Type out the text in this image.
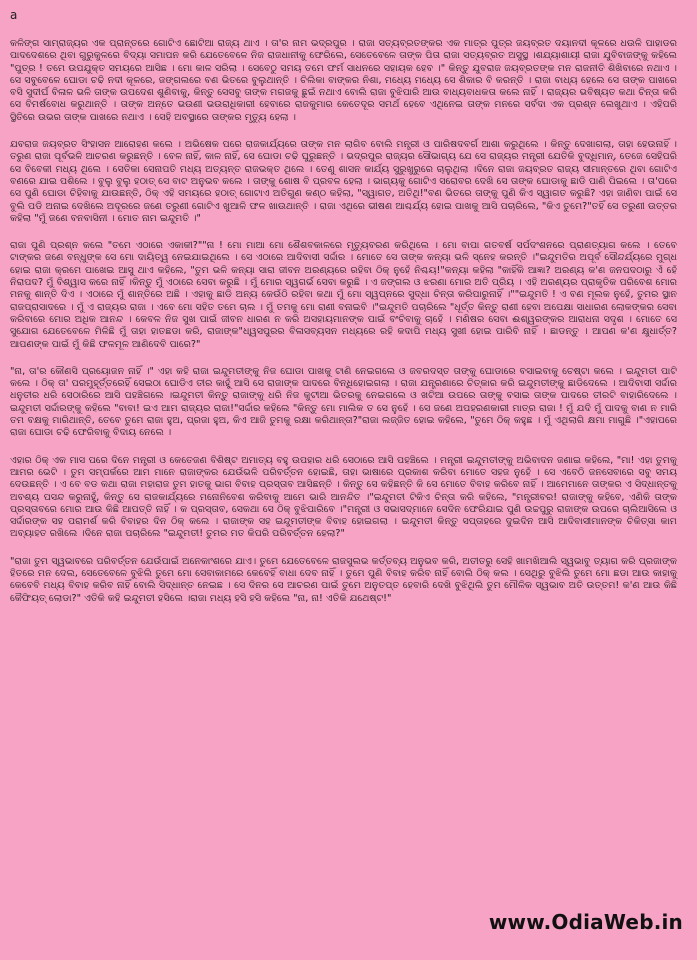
a

କଳିଙ୍ଗ ସାମ୍ରାଜ୍ୟର ଏକ ପ୍ରାନ୍ତରେ ଗୋଟିଏ ଛୋଟିଆ ରାଜ୍ୟ ଥାଏ । ତା'ର ନାମ ଭଦ୍ରପୁର । ରାଜା ସତ୍ୟବ୍ରତଙ୍କର ଏକ ମାତ୍ର ପୁତ୍ର ଜୟବ୍ରତ ଦୟାନଦୀ କୂଳରେ ଧଉଳି ପାହାଡର ପାଦଦେଶରେ ଥିବା ଗୁରୁକୁଳରେ ବିଦ୍ୟା ସମାପନ କରି ଯେତେବେଳେ ନିଜ ରାଜଧାନୀକୁ ଫେରିଲେ, ସେତେବେଳେ ତାଙ୍କ ପିତା ରାଜା ସତ୍ୟବ୍ରତ ଅସୁସ୍ଥ ।ଶଯ୍ୟାଶାୟୀ ରାଜା ଯୁବିବାଜଙ୍କୁ କହିଲେ "ପୁତ୍ର ! ତମେ ଉପଯୁକ୍ତ ସମୟରେ ଆସିଛ । ମୋ କାଳ ସରିଲା । ସେବେଠୁ ସମୟ ତମେ ଫର୍ମ ସାଧନରେ ସହାୟକ ହେବ ।" କିନ୍ତୁ ଯୁବରାଜ ଜୟବ୍ରତଙ୍କ ମନ ରାଜନୀତି ଶିଖିବାରେ ନଥାଏ । ସେ ସବୁବେଳେ ଘୋଡା ଚଢି ନଦୀ କୂଳରେ, ଜଙ୍ଗଲରେ ବଣ ଭିତରେ ବୁଲୁଥାନ୍ତି । ଚିଲିକା ବାଙ୍କର ନିଶା, ମଧ୍ୟେ ମଧ୍ୟେ ସେ ଶିକାର ବି କରନ୍ତି । ରାଜା ବାଧ୍ୟ ହେଲେ ସେ ତାଙ୍କ ପାଖରେ ବସି ସୁଦୀର୍ଘ ବିଳାଳ ଭଳି ତାଙ୍କ ଉପଦେଶ ଶୁଣିବାକୁ, କିନ୍ତୁ ସେସବୁ ତାଙ୍କ ମଗଜକୁ ଛୁଇଁ ନଥାଏ ବୋଲି ରାଜା ବୁଝିପାରି ଆଉ ବାଧ୍ୟବାଧକତା କଲେ ନାହିଁ । ରାଜ୍ୟର ଭବିଷ୍ୟତ କଥା ଚିନ୍ତା କରି ସେ ବିମର୍ଷବୋଧ କରୁଥାନ୍ତି । ତାଙ୍କ ଅନ୍ତେ ଭଉଣୀ ଭଉରାଧିକାରୀ ହେବାରେ ରାଜକୁମାର କେତେଦୂର ସମର୍ଥ ହେବେ ଏଥିନେଇ ତାଙ୍କ ମନରେ ସର୍ବଦା ଏକ ପ୍ରଶ୍ନ ଲେଖୁଥାଏ । ଏହିପରି ସ୍ଥିତିରେ ଉଭର ତାଙ୍କ ପାଖରେ ନଥାଏ । ସେହି ଅବସ୍ଥାରେ ତାଙ୍କର ମୃତ୍ୟୁ ହେଲା ।

ଯବରାଜ ଜୟବ୍ରତ ସିଂହାସନ ଆରୋହଣ କଲେ । ଅଭିଷେକ ପରେ ରାଜକାର୍ଯ୍ୟରେ ତାଙ୍କ ମନ ଲାଗିବ ବୋଲି ମନ୍ତ୍ରୀ ଓ ପାରିଷଦବର୍ଗ ଆଶା କରୁଥିଲେ । କିନ୍ତୁ ଦେଖାଗଲା, ତାହା ହେଉନାହିଁ । ତରୁଣ ରାଜା ପୂର୍ବଭଳି ଆଚରଣ କରୁଛନ୍ତି । ବେଳ ନାହିଁ, କାଳ ନାହିଁ, ସେ ଘୋଡା ଚଢି ଘୁରୁଛନ୍ତି । ଭଦ୍ରପୁର ରାଜ୍ୟର ସୌଭାଗ୍ୟ ଯେ ସେ ରାଜ୍ୟର ମନ୍ତ୍ରୀ ଯେତିକି ବୁଦ୍ଧିମାନ୍, ତେଜେ ସେହିପରି ସେ ବିବେକୀ ମଧ୍ୟ ଥିଲେ । ସେତିକା ସେନାପତି ମଧ୍ୟ ଅତ୍ୟନ୍ତ ରାଜଭକ୍ତ ଥିଲେ । ତେଣୁ ଶାସନ କାର୍ଯ୍ୟ ସୁରୁଖୁରୁରେ ଚାଲୁଥିଲା ।ଦିନେ ରାଜା ଜୟବ୍ରତ ରାଜ୍ୟ ସୀମାନ୍ତରେ ଥିବା ଗୋଟିଏ ବଣରେ ଯାଇ ପଶିଲେ । ବୁଲୁ ବୁଲୁ ହଠାତ୍ ସେ ବାଟ ଅନୁଭବ କଲେ । ତାଙ୍କୁ ଶୋଷ ବି ପ୍ରବଳ ହେଲା । ଭାଗ୍ୟକୁ ଗୋଟିଏ ସରୋବର ଦେଖି ସେ ତାଙ୍କ ଘୋଡାକୁ ଛାଡି ପାଣି ପିଇଲେ । ତା'ପରେ ସେ ପୁଣି ଘୋଡା ଚିହିବାକୁ ଯାଉଛନ୍ତି, ଠିକ୍ ଏହି ସମୟରେ ହଠାତ୍ ଗୋଟାଏ ଅତିଗୁଣ କଣ୍ଠ କହିଲା, "ସ୍ୱାଗତ, ଅତିଥି!"ବଣ ଭିତରେ ତାଙ୍କୁ ପୁଣି କିଏ ସ୍ୱାଗତ କରୁଛି? ଏହା ଜାଣିବା ପାଇଁ ସେ ବୁଲି ପଡି ଅନାଇ ଦେଖିଲେ ଅଦୂରରେ ଜଣେ ତରୁଣୀ ଗୋଟିଏ ଖୁଆଳି ଫଳ ଖାଉଥାନ୍ତି । ରାଜା ଏଥିରେ ଭୀଷଣ ଆଶ୍ଚର୍ଯ୍ୟ ହୋଇ ପାଖକୁ ଆସି ପଚାରିଲେ, "କିଏ ତୁମେ?"ତହିଁ ସେ ତରୁଣୀ ଉତ୍ତର କହିଲା "ମୁଁ ଜଣେ ବନବାସିନୀ । ମୋତ ନାମ ଇନ୍ଦୁମତି ।"

ରାଜା ପୁଣି ପ୍ରଶ୍ନ କଲେ "ତମେ ଏଠାରେ ଏକାକୀ?""ନା ! ମୋ ମାଆ ମୋ ଶୈଶବକାଳରେ ମୃତ୍ୟୁବରଣ କରିଥିଲେ । ମୋ ବାପା ଗତବର୍ଷ ସର୍ପଦଂଶନରେ ପ୍ରାଣତ୍ୟାଗ କଲେ । ତେବେ ଟାଙ୍କର ଜଣେ ବନ୍ଧୁଙ୍କ ସେ ମୋ ଦାୟିତ୍ୱ ନେଇଯାଇଥିଲେ । ସେ ଏଠାରେ ଆଦିବାସୀ ସର୍ଦ୍ଦାର । ମୋତେ ସେ ତାଙ୍କ କନ୍ୟା ଭଳି ସ୍ନେହ କରନ୍ତି ।"ଇନ୍ଦୁମତିର ଅପୂର୍ବ ସୌନ୍ଦର୍ଯ୍ୟରେ ମୁଗ୍ଧ ହୋଇ ରାଜା କ୍ରମେ ପାଖେଇ ଆସୁ ଥାଏ କହିଲେ, "ତୁମ ଭଳି କନ୍ୟା ସାରା ଜୀବନ ଅରଣ୍ୟରେ ରହିବା ଠିକ୍ ନୁହେଁ ନିଶ୍ଚୟ!"କନ୍ୟା କହିଲା "କାହିଁକି ଆଜ୍ଞା? ଅରଣ୍ୟ କ'ଣ ଜନପଦଠାରୁ ଏଁ ହେଁ ନିରାପଦ? ମୁଁ ବିଶ୍ୱାସ କରେ ନାହିଁ ।କିନ୍ତୁ ମୁଁ ଏଠାରେ ସେବା କରୁଛି । ମୁଁ ମୋର ସ୍ୱଗର୍ଭ ସେବା କରୁଛି । ଏ ଜଙ୍ଗଲ ଓ ଝରଣା ମୋର ଅତି ପ୍ରିୟ । ଏହି ଅରଣ୍ୟର ପ୍ରାକୃତିକ ପରିବେଶ ମୋର ମନକୁ ଶାନ୍ତି ଦିଏ । ଏଠାରେ ମୁଁ ଶାନ୍ତିରେ ଅଛି । ଏହାକୁ ଛାଡି ଅନ୍ୟ କେଉଁଠି ରହିବା କଥା ମୁଁ ମୋ ସ୍ୱପ୍ନରେ ସୁଦ୍ଧା ଚିନ୍ତା କରିପାରୁନାହିଁ ।""ଇନ୍ଦୁମତି ! ଏ ବଣ ମୂଲକ ନୁହେଁ, ତୁମର ସ୍ଥାନ ରାଜପ୍ରାସାଦରେ । ମୁଁ ଏ ରାଜ୍ୟର ରାଜା । ଏବେ ମୋ ସହିତ ତମେ ଚାଲ । ମୁଁ ତମକୁ ମୋ ରାଣୀ ବନାଇବି ।"ଇନ୍ଦୁମତି ପଚାରିଲେ "ଧୂର୍ତ୍ତ କିନ୍ତୁ ରାଣୀ ହେବା ଅପେକ୍ଷା ସାଧାରଣ ଲୋକଙ୍କର ସେବା କରିବାରେ ମୋର ଅଧିକ ଆନନ୍ଦ । କେବଳ ନିଜ ସୁଖ ପାଇଁ ଜୀବନ ଧାରଣ ନ କରି ଅସହାୟମାନଙ୍କ ପାଇଁ ବଂଚିବାକୁ ଚାହେଁ । ମଣିଷର ସେବା ଈଶ୍ୱରଙ୍କର ଆରାଧନା ସଦୃଶ । ମୋତେ ସେ ସୁଯୋଗ ଯେତେବେଳେ ମିଳିଛି ମୁଁ ତାହା ହାତଛଡା କରି, ରାଜାଙ୍କ"ଧ୍ୱସପୁରର ବିଳାସବ୍ୟସନ ମଧ୍ୟରେ ରହି କଦାପି ମଧ୍ୟ ସୁଖୀ ହୋଇ ପାରିବି ନାହିଁ । ଛାଡନ୍ତୁ । ଆପଣ କ'ଣ କ୍ଷୁଧାର୍ତ୍ତ? ଆପଣଙ୍କ ପାଇଁ ମୁଁ କିଛି ଫଳମୂଳ ଆଣିଦେବି ପାରେ?"

"ନା, ତା'ର କୌଣସି ପ୍ରୟୋଜନ ନାହିଁ ।" ଏହା କହି ରାଜା ଇନ୍ଦୁମତୀଙ୍କୁ ନିଜ ଘୋଡା ପାଖକୁ ଟାଣି ନେଇଗଲେ ଓ ଜବରଦସ୍ତ ତାଙ୍କୁ ଘୋଡାରେ ବସାଇବାକୁ ଚେଷ୍ଟା କଲେ । ଇନ୍ଦୁମତୀ ପାଟି କଲେ । ଠିକ୍ ତା' ପରମୁହୂର୍ତ୍ତରେହିଁ ସେଇଠା ଘୋଡିଏ ତୀର କାହୁଁ ଆସି ସେ ରାଜାଙ୍କ ପାଦରେ ବିନ୍ଧିହୋଇଗଲା । ରାଜା ଯନ୍ତ୍ରଣାରେ ଚିତ୍କାର କରି ଇନ୍ଦୁମତୀଙ୍କୁ ଛାଡିଦେଲେ । ଆଦିବାସୀ ସର୍ଦ୍ଦାର ଧନୁତୀର ଧରି ସେଠାରିରେ ଆସି ପହଞ୍ଚିଗଲେ ।ଇନ୍ଦୁମତୀ କିନ୍ତୁ ରାଜାଙ୍କୁ ଧରି ନିଜ କୁଟୀଆ ଭିତରକୁ ନେଇଗଲେ ଓ ଖଟିଆ ଉପରେ ତାଙ୍କୁ ବସାଇ ତାଙ୍କ ପାଦରେ ତୀରଟି ବାହାରିଦେଲେ ।ଇନ୍ଦୁମତୀ ସର୍ଦ୍ଦାରଙ୍କୁ କହିଲେ "ବାବା! ଇଏ ଆମ ରାଜ୍ୟର ରାଜା!"ସର୍ଦ୍ଦାର କହିଲେ "କିନ୍ତୁ ମୋ ମାଲିକ ତ ସେ ନୁହେଁ । ସେ ଜଣେ ଅପହରଣକାରୀ ମାତ୍ର ରାଜା ! ମୁଁ ଯଦି ମୁଁ ପାଦକୁ ବାଣ ନ ମାରି ତମ ବକ୍ଷକୁ ମାରିଥାନ୍ତି, ତେବେ ତୁମେ ରାଜା ହୁଅ, ପ୍ରଜା ହୁଅ, କିଏ ଆଜି ତୁମକୁ ରକ୍ଷା କରିଥାନ୍ତା?"ରାଜା ଲଜ୍ଜିତ ହୋଇ କହିଲେ, "ତୁମେ ଠିକ୍ କହୁଛ । ମୁଁ ଏଥିଲାଗି କ୍ଷମା ମାଗୁଛି ।"ଏହାପରେ ରାଜା ଘୋଡା ଚଢି ଫେରିବାକୁ ବିଦାୟ ନେଲେ ।

ଏହାର ଠିକ୍ ଏକ ମାସ ପରେ ଦିନେ ମନ୍ତ୍ରୀ ଓ କେତେଜଣ ବିଶିଷ୍ଟ ଅମାତ୍ୟ ବହୁ ଉପହାର ଧରି ସେଠାରେ ଆସି ପହଞ୍ଚିଲେ । ମନ୍ତ୍ରୀ ଇନ୍ଦୁମତୀଙ୍କୁ ଅଭିବାଦନ ଜଣାଇ କହିଲେ, "ମା! ଏହା ତୁମକୁ ଆମର ଭେଟି । ତୁମ ସମ୍ପର୍କରେ ଆମ ମାନେ ରାଜାଙ୍କର ଯେଉଁଭଳି ପରିବର୍ତ୍ତନ ହୋଇଛି, ତାହା ଭାଷାରେ ପ୍ରକାଶ କରିବା ମୋତେ ସହଜ ନୁହେଁ । ସେ ଏବେଠି ଜନସେବାରେ ସବୁ ସମୟ ଦେଉଛନ୍ତି । ଏ ବେ ବଡ କଥା ରାଜା ମହାରାଜ ତୁମ ହାତକୁ ଭାଗ ବିବାହ ପ୍ରସ୍ତାବ ଆସିଛନ୍ତି । କିନ୍ତୁ ସେ କହିଛନ୍ତି କି ସେ ମୋତେ ବିବାହ କରିବେ ନାହିଁ । ଆମେମାନେ ତାଙ୍କର ଏ ସିଦ୍ଧାନ୍ତକୁ ଅବଶ୍ୟ ପସନ୍ଦ କରୁନାହୁଁ, କିନ୍ତୁ ସେ ରାଜକାର୍ଯ୍ୟରେ ମନୋନିବେଶ କରିବାକୁ ଆମେ ଭାରି ଆନନ୍ଦିତ ।"ଇନ୍ଦୁମତୀ ଟିକିଏ ଚିନ୍ତା କରି କହିଲେ, "ମନ୍ତ୍ରୀବର! ରାଜାଙ୍କୁ କହିବେ, ଏଣିକି ତାଙ୍କ ପ୍ରସ୍ତାବରେ ମୋର ଆଉ କିଛି ଆପତ୍ତି ନାହିଁ । କ ପ୍ରସ୍ତାବ, ସେକଥା ସେ ଠିକ୍ ବୁଝିପାରିବେ ।"ମନ୍ତ୍ରୀ ଓ ସଭାସଦ୍‌ମାନେ ସେଦିନ ଫେରିଯାଇ ପୁଣି ଉଚ୍ଚପୁରୁ ରାଜାଙ୍କ ଉପରେ ଚାଲିଆସିଲେ ଓ ସର୍ଦ୍ଦାରଙ୍କ ସହ ପରାମର୍ଶ କରି ବିବାହର ଦିନ ଠିକ୍ କଲେ । ରାଜାଙ୍କ ସହ ଇନ୍ଦୁମତୀଙ୍କ ବିବାହ ହୋଇଗଲା । ଇନ୍ଦୁମତୀ କିନ୍ତୁ ସପ୍ତାହରେ ଦୁଇଦିନ ଆସି ଆଦିବାସୀମାନଙ୍କ ଚିକିତ୍ସା କାମ ଅବ୍ୟାହତ ରଖିଲେ ।ଦିନେ ରାଜା ପଚାରିଲେ "ଇନ୍ଦୁମତୀ! ତୁମର ମତ କିପରି ପରିବର୍ତ୍ତନ ହେଲା?"

"ରାଜା ତୁମ ସ୍ୱଭାବରେ ପରିବର୍ତ୍ତନ ଯେଉଁପାଇଁ ଅନେକାଂଶରେ ଯାଏ। ତୁମେ ଯେତେବେଳେ ରାଜସୁଲଭ କର୍ତ୍ତବ୍ୟ ଅନୁଭବ କରି, ଅତୀତରୁ ସେହି ଖାମଖିଆଲି ସ୍ୱଭାବୁ ତ୍ୟାଗ କରି ପ୍ରଜାଙ୍କ ହିତରେ ମନ ଦେଲ, ସେତେବେଳେ ବୁଝିଲି ତୁମେ ମୋ ସେବାକାମରେ କେବେହିଁ ବାଧା ଦେବ ନାହିଁ । ତୁମେ ପୁଣି ବିବାହ କରିବ ନାହିଁ ବୋଲି ଠିକ୍ କଲ । ସେଥିରୁ ବୁଝିଲି ତୁମେ ମୋ ଛଡା ଆଉ କାହାକୁ କେବେବି ମଧ୍ୟ ବିବାହ କରିବ ନାହିଁ ବୋଲି ସିଦ୍ଧାନ୍ତ ନେଇଛ । ସେ ଦିନର ସେ ଆଚରଣ ପାଇଁ ତୁମେ ଅନୁତପ୍ତ ହେବାରି ଦେଖି ବୁଝିଥିଲି ତୁମ ମୌଳିକ ସ୍ୱଭାବ ଅତି ଉତ୍ତମ! କ'ଣ ଆଉ କିଛି କୈଫିୟତ୍ ଲୋଡା?" ଏତିକି କହି ଇନ୍ଦୁମତୀ ହସିଲେ ।ରାଜା ମଧ୍ୟ ହସି ହସି କହିଲେ "ନା, ନା! ଏତିକି ଯଥେଷ୍ଟ!"

www.OdiaWeb.in
